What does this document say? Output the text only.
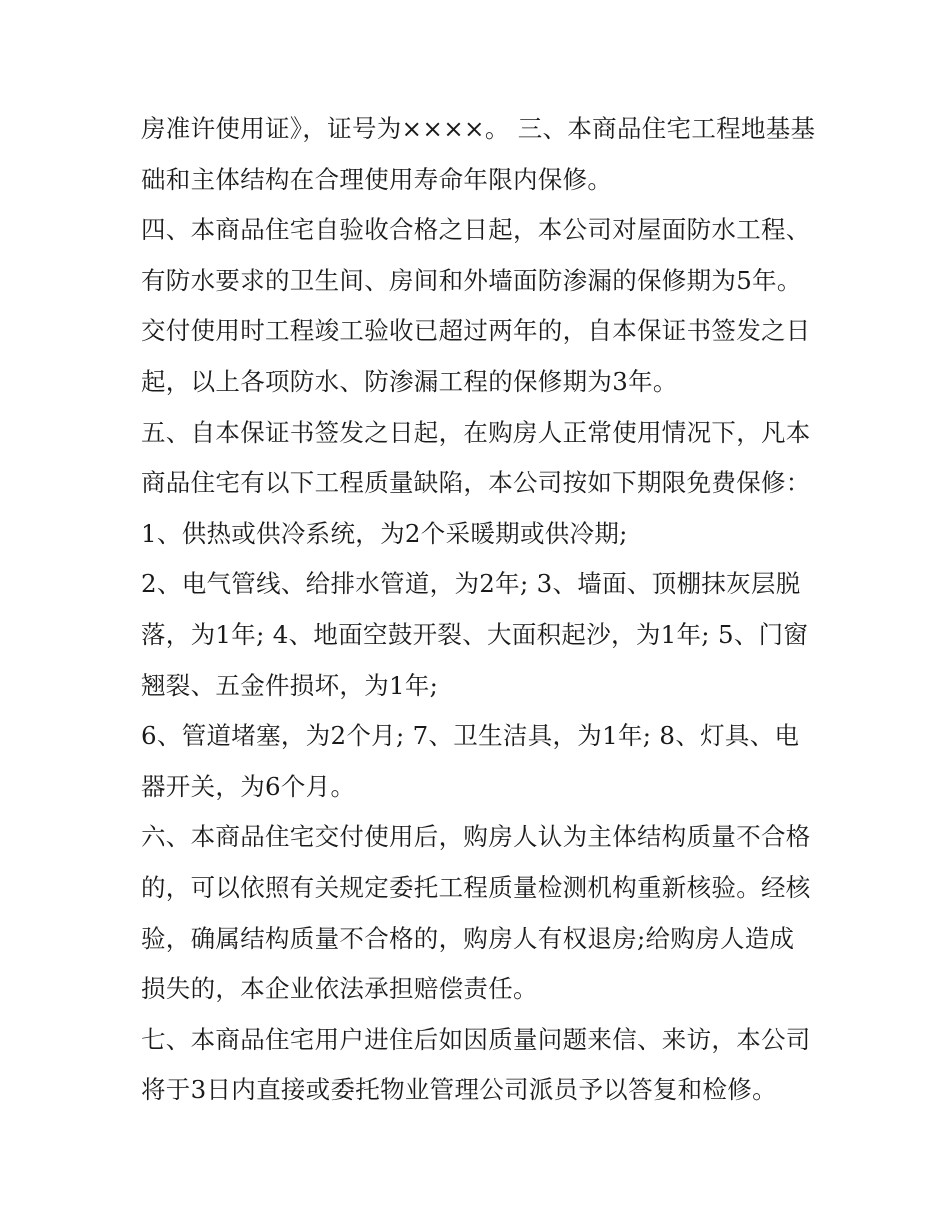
房准许使用证》，证号为××××。 三、本商品住宅工程地基基
础和主体结构在合理使用寿命年限内保修。
四、本商品住宅自验收合格之日起，本公司对屋面防水工程、
有防水要求的卫生间、房间和外墙面防渗漏的保修期为5年。
交付使用时工程竣工验收已超过两年的，自本保证书签发之日
起，以上各项防水、防渗漏工程的保修期为3年。
五、自本保证书签发之日起，在购房人正常使用情况下，凡本
商品住宅有以下工程质量缺陷，本公司按如下期限免费保修：
1、供热或供冷系统，为2个采暖期或供冷期;
2、电气管线、给排水管道，为2年; 3、墙面、顶棚抹灰层脱
落，为1年; 4、地面空鼓开裂、大面积起沙，为1年; 5、门窗
翘裂、五金件损坏，为1年;
6、管道堵塞，为2个月; 7、卫生洁具，为1年; 8、灯具、电
器开关，为6个月。
六、本商品住宅交付使用后，购房人认为主体结构质量不合格
的，可以依照有关规定委托工程质量检测机构重新核验。经核
验，确属结构质量不合格的，购房人有权退房;给购房人造成
损失的，本企业依法承担赔偿责任。
七、本商品住宅用户进住后如因质量问题来信、来访，本公司
将于3日内直接或委托物业管理公司派员予以答复和检修。
